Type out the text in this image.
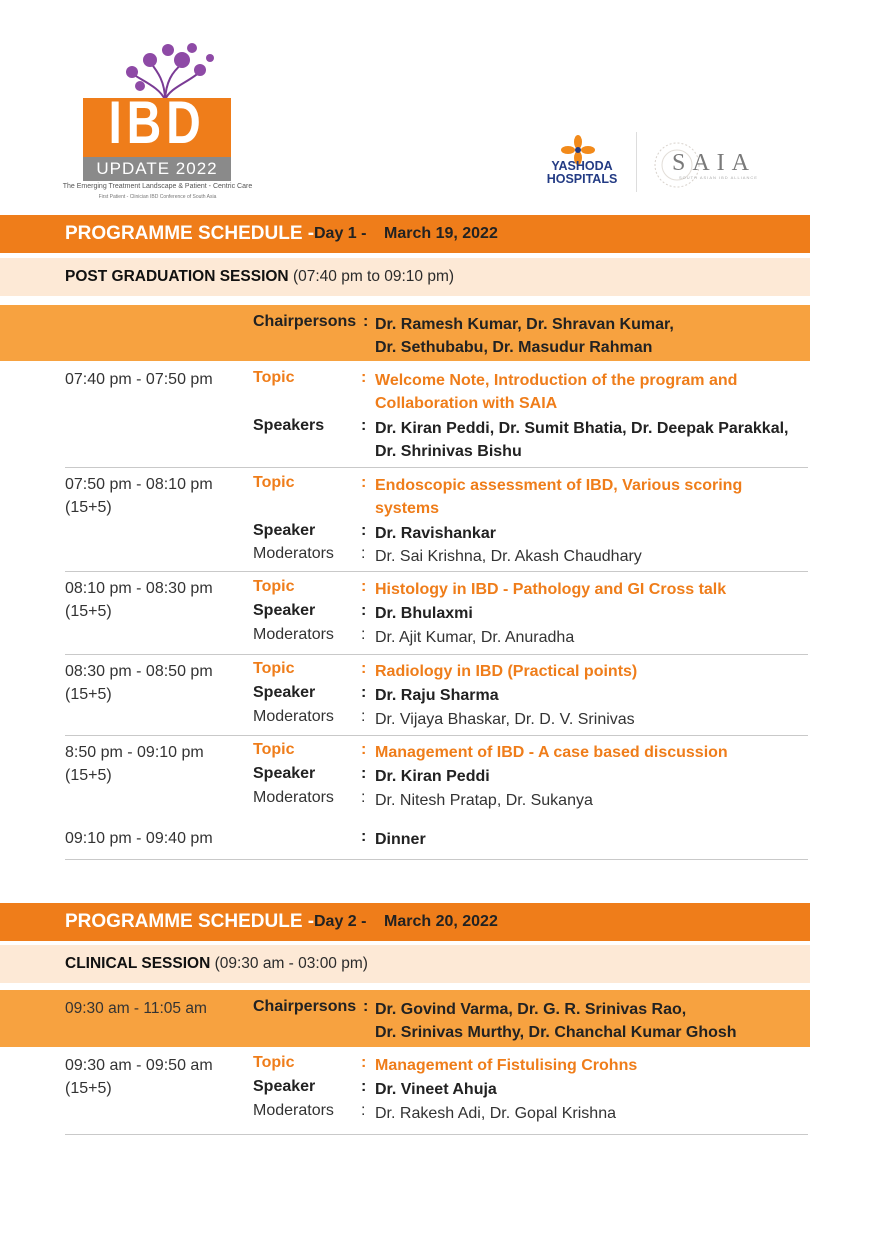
IBD
UPDATE 2022
The Emerging Treatment Landscape & Patient - Centric Care
First Patient - Clinician IBD Conference of South Asia
YASHODA
HOSPITALS
SAIA
SOUTH ASIAN IBD ALLIANCE
PROGRAMME SCHEDULE - Day 1 - March 19, 2022
POST GRADUATION SESSION (07:40 pm to 09:10 pm)
Chairpersons : Dr. Ramesh Kumar, Dr. Shravan Kumar,
Dr. Sethubabu, Dr. Masudur Rahman
07:40 pm - 07:50 pm	Topic	: Welcome Note, Introduction of the program and
Collaboration with SAIA
Speakers : Dr. Kiran Peddi, Dr. Sumit Bhatia, Dr. Deepak Parakkal,
Dr. Shrinivas Bishu
07:50 pm - 08:10 pm
(15+5)
Topic	: Endoscopic assessment of IBD, Various scoring
systems
Speaker	: Dr. Ravishankar
Moderators : Dr. Sai Krishna, Dr. Akash Chaudhary
08:10 pm - 08:30 pm
(15+5)
Topic	: Histology in IBD - Pathology and GI Cross talk
Speaker	: Dr. Bhulaxmi
Moderators : Dr. Ajit Kumar, Dr. Anuradha
08:30 pm - 08:50 pm
(15+5)
Topic	: Radiology in IBD (Practical points)
Speaker	: Dr. Raju Sharma
Moderators : Dr. Vijaya Bhaskar, Dr. D. V. Srinivas
8:50 pm - 09:10 pm
(15+5)
Topic	: Management of IBD - A case based discussion
Speaker	: Dr. Kiran Peddi
Moderators : Dr. Nitesh Pratap, Dr. Sukanya
09:10 pm - 09:40 pm	: Dinner
PROGRAMME SCHEDULE - Day 2 - March 20, 2022
CLINICAL SESSION (09:30 am - 03:00 pm)
09:30 am - 11:05 am	Chairpersons : Dr. Govind Varma, Dr. G. R. Srinivas Rao,
Dr. Srinivas Murthy, Dr. Chanchal Kumar Ghosh
09:30 am - 09:50 am
(15+5)
Topic	: Management of Fistulising Crohns
Speaker	: Dr. Vineet Ahuja
Moderators : Dr. Rakesh Adi, Dr. Gopal Krishna
